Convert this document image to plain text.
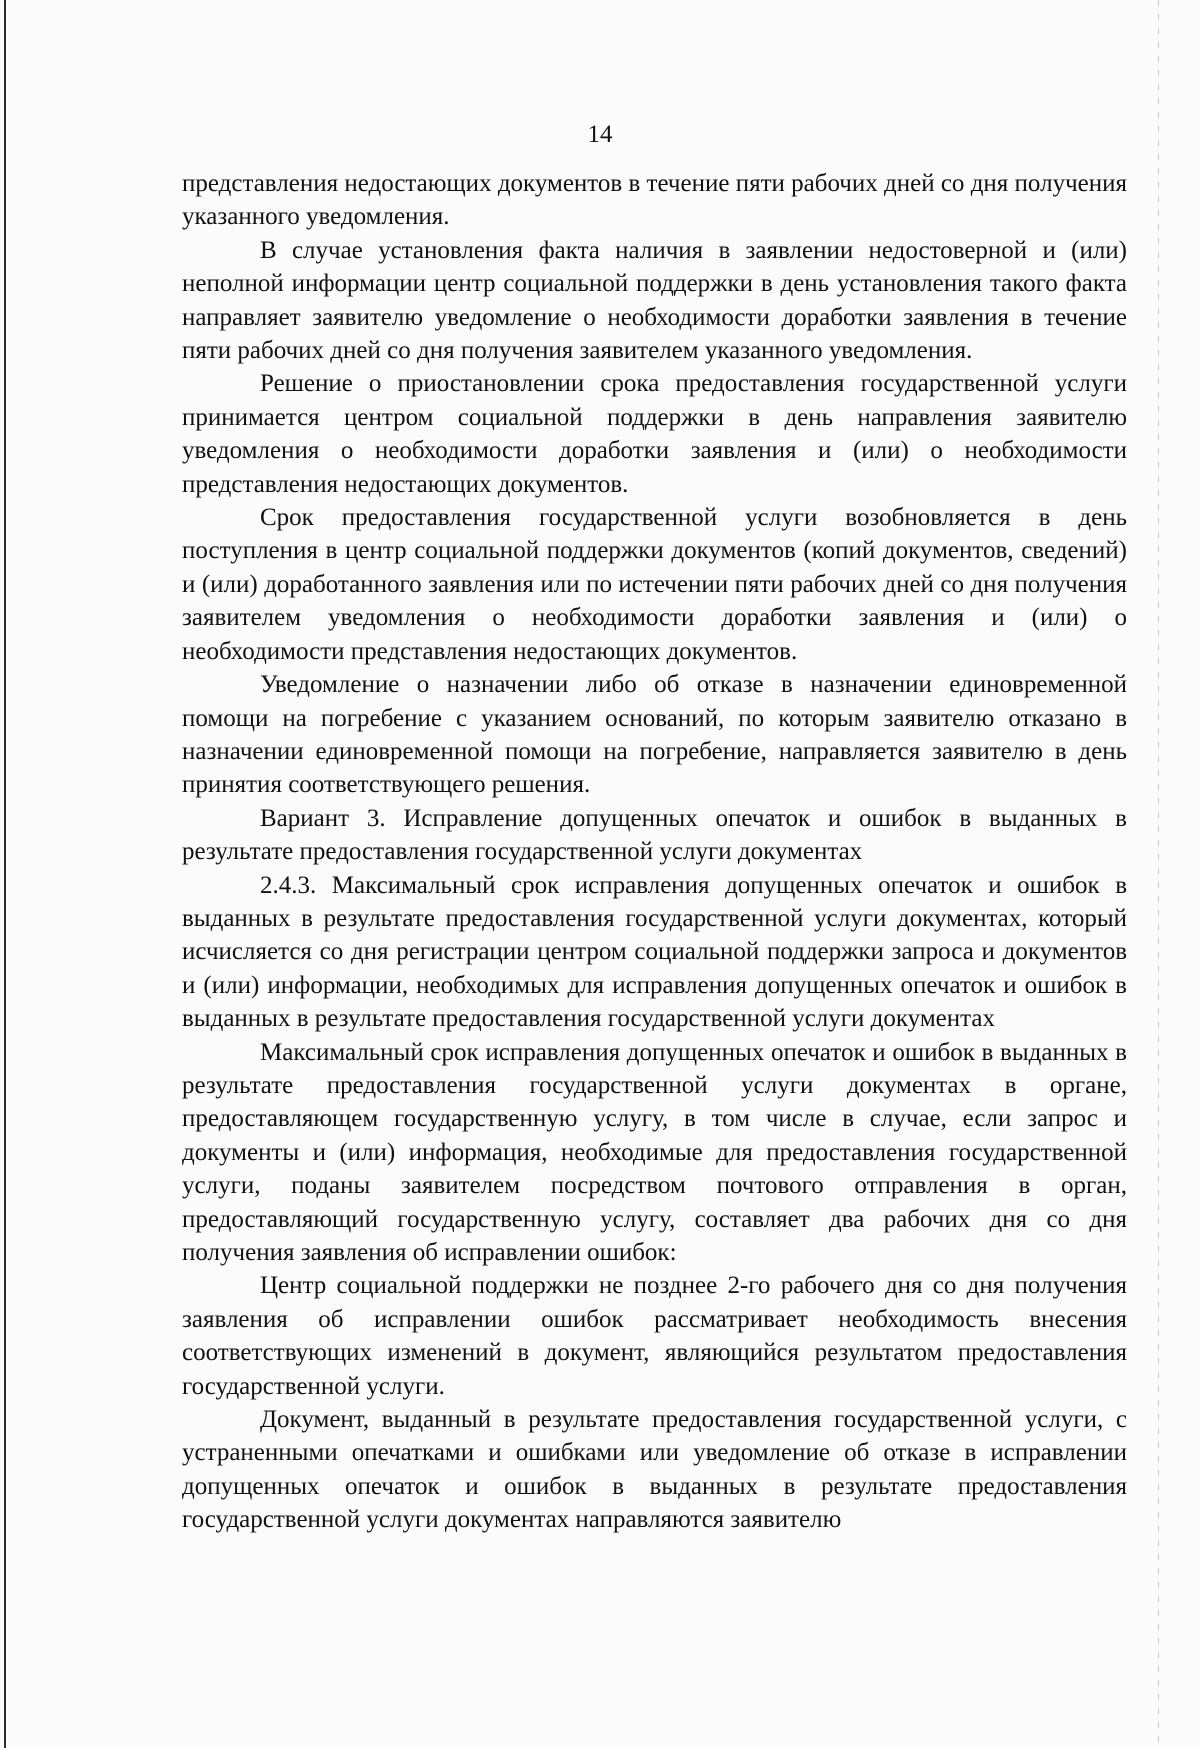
14

представления недостающих документов в течение пяти рабочих дней со дня получения указанного уведомления.

В случае установления факта наличия в заявлении недостоверной и (или) неполной информации центр социальной поддержки в день установления такого факта направляет заявителю уведомление о необходимости доработки заявления в течение пяти рабочих дней со дня получения заявителем указанного уведомления.

Решение о приостановлении срока предоставления государственной услуги принимается центром социальной поддержки в день направления заявителю уведомления о необходимости доработки заявления и (или) о необходимости представления недостающих документов.

Срок предоставления государственной услуги возобновляется в день поступления в центр социальной поддержки документов (копий документов, сведений) и (или) доработанного заявления или по истечении пяти рабочих дней со дня получения заявителем уведомления о необходимости доработки заявления и (или) о необходимости представления недостающих документов.

Уведомление о назначении либо об отказе в назначении единовременной помощи на погребение с указанием оснований, по которым заявителю отказано в назначении единовременной помощи на погребение, направляется заявителю в день принятия соответствующего решения.

Вариант 3. Исправление допущенных опечаток и ошибок в выданных в результате предоставления государственной услуги документах

2.4.3. Максимальный срок исправления допущенных опечаток и ошибок в выданных в результате предоставления государственной услуги документах, который исчисляется со дня регистрации центром социальной поддержки запроса и документов и (или) информации, необходимых для исправления допущенных опечаток и ошибок в выданных в результате предоставления государственной услуги документах

Максимальный срок исправления допущенных опечаток и ошибок в выданных в результате предоставления государственной услуги документах в органе, предоставляющем государственную услугу, в том числе в случае, если запрос и документы и (или) информация, необходимые для предоставления государственной услуги, поданы заявителем посредством почтового отправления в орган, предоставляющий государственную услугу, составляет два рабочих дня со дня получения заявления об исправлении ошибок:

Центр социальной поддержки не позднее 2-го рабочего дня со дня получения заявления об исправлении ошибок рассматривает необходимость внесения соответствующих изменений в документ, являющийся результатом предоставления государственной услуги.

Документ, выданный в результате предоставления государственной услуги, с устраненными опечатками и ошибками или уведомление об отказе в исправлении допущенных опечаток и ошибок в выданных в результате предоставления государственной услуги документах направляются заявителю
